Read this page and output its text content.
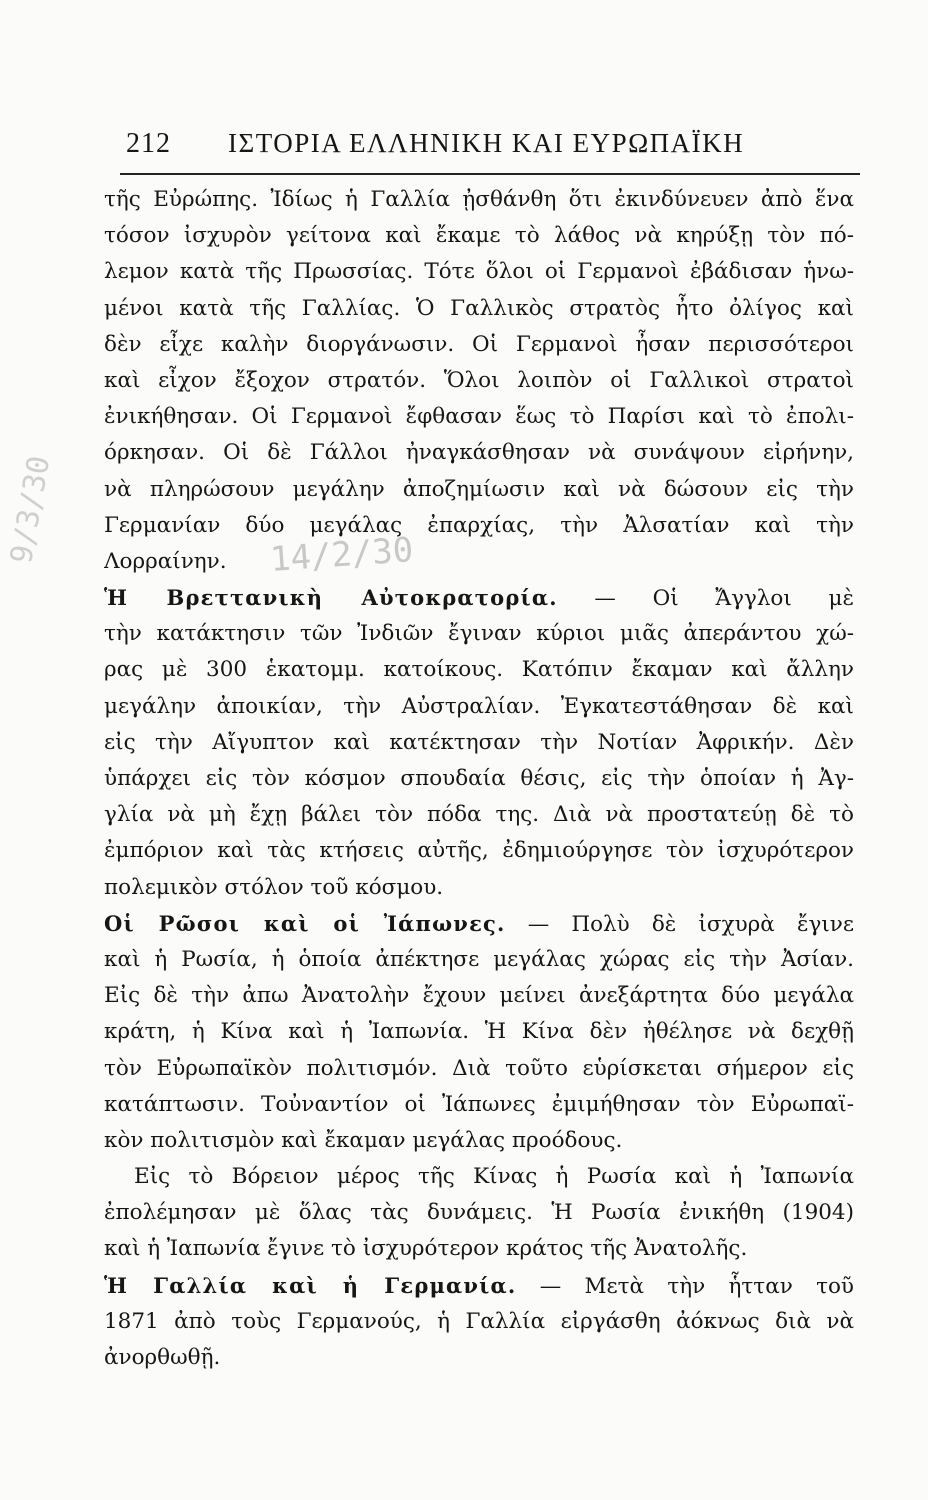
212 ΙΣΤΟΡΙΑ ΕΛΛΗΝΙΚΗ ΚΑΙ ΕΥΡΩΠΑΪΚΗ
14/2/30
9/3/30
τῆς Εὐρώπης. Ἰδίως ἡ Γαλλία ᾐσθάνθη ὅτι ἐκινδύνευεν ἀπὸ ἕνα
τόσον ἰσχυρὸν γείτονα καὶ ἔκαμε τὸ λάθος νὰ κηρύξῃ τὸν πό-
λεμον κατὰ τῆς Πρωσσίας. Τότε ὅλοι οἱ Γερμανοὶ ἐβάδισαν ἡνω-
μένοι κατὰ τῆς Γαλλίας. Ὁ Γαλλικὸς στρατὸς ἦτο ὀλίγος καὶ
δὲν εἶχε καλὴν διοργάνωσιν. Οἱ Γερμανοὶ ἦσαν περισσότεροι
καὶ εἶχον ἔξοχον στρατόν. Ὅλοι λοιπὸν οἱ Γαλλικοὶ στρατοὶ
ἐνικήθησαν. Οἱ Γερμανοὶ ἔφθασαν ἕως τὸ Παρίσι καὶ τὸ ἐπολι-
όρκησαν. Οἱ δὲ Γάλλοι ἠναγκάσθησαν νὰ συνάψουν εἰρήνην,
νὰ πληρώσουν μεγάλην ἀποζημίωσιν καὶ νὰ δώσουν εἰς τὴν
Γερμανίαν δύο μεγάλας ἐπαρχίας, τὴν Ἀλσατίαν καὶ τὴν
Λορραίνην.
Ἡ Βρεττανικὴ Αὐτοκρατορία. — Οἱ Ἄγγλοι μὲ
τὴν κατάκτησιν τῶν Ἰνδιῶν ἔγιναν κύριοι μιᾶς ἀπεράντου χώ-
ρας μὲ 300 ἑκατομμ. κατοίκους. Κατόπιν ἔκαμαν καὶ ἄλλην
μεγάλην ἀποικίαν, τὴν Αὐστραλίαν. Ἐγκατεστάθησαν δὲ καὶ
εἰς τὴν Αἴγυπτον καὶ κατέκτησαν τὴν Νοτίαν Ἀφρικήν. Δὲν
ὑπάρχει εἰς τὸν κόσμον σπουδαία θέσις, εἰς τὴν ὁποίαν ἡ Ἀγ-
γλία νὰ μὴ ἔχῃ βάλει τὸν πόδα της. Διὰ νὰ προστατεύῃ δὲ τὸ
ἐμπόριον καὶ τὰς κτήσεις αὐτῆς, ἐδημιούργησε τὸν ἰσχυρότερον
πολεμικὸν στόλον τοῦ κόσμου.
Οἱ Ρῶσοι καὶ οἱ Ἰάπωνες. — Πολὺ δὲ ἰσχυρὰ ἔγινε
καὶ ἡ Ρωσία, ἡ ὁποία ἀπέκτησε μεγάλας χώρας εἰς τὴν Ἀσίαν.
Εἰς δὲ τὴν ἀπω Ἀνατολὴν ἔχουν μείνει ἀνεξάρτητα δύο μεγάλα
κράτη, ἡ Κίνα καὶ ἡ Ἰαπωνία. Ἡ Κίνα δὲν ἠθέλησε νὰ δεχθῇ
τὸν Εὐρωπαϊκὸν πολιτισμόν. Διὰ τοῦτο εὑρίσκεται σήμερον εἰς
κατάπτωσιν. Τοὐναντίον οἱ Ἰάπωνες ἐμιμήθησαν τὸν Εὐρωπαϊ-
κὸν πολιτισμὸν καὶ ἔκαμαν μεγάλας προόδους.
Εἰς τὸ Βόρειον μέρος τῆς Κίνας ἡ Ρωσία καὶ ἡ Ἰαπωνία
ἐπολέμησαν μὲ ὅλας τὰς δυνάμεις. Ἡ Ρωσία ἐνικήθη (1904)
καὶ ἡ Ἰαπωνία ἔγινε τὸ ἰσχυρότερον κράτος τῆς Ἀνατολῆς.
Ἡ Γαλλία καὶ ἡ Γερμανία. — Μετὰ τὴν ἧτταν τοῦ
1871 ἀπὸ τοὺς Γερμανούς, ἡ Γαλλία εἰργάσθη ἀόκνως διὰ νὰ
ἀνορθωθῇ.
